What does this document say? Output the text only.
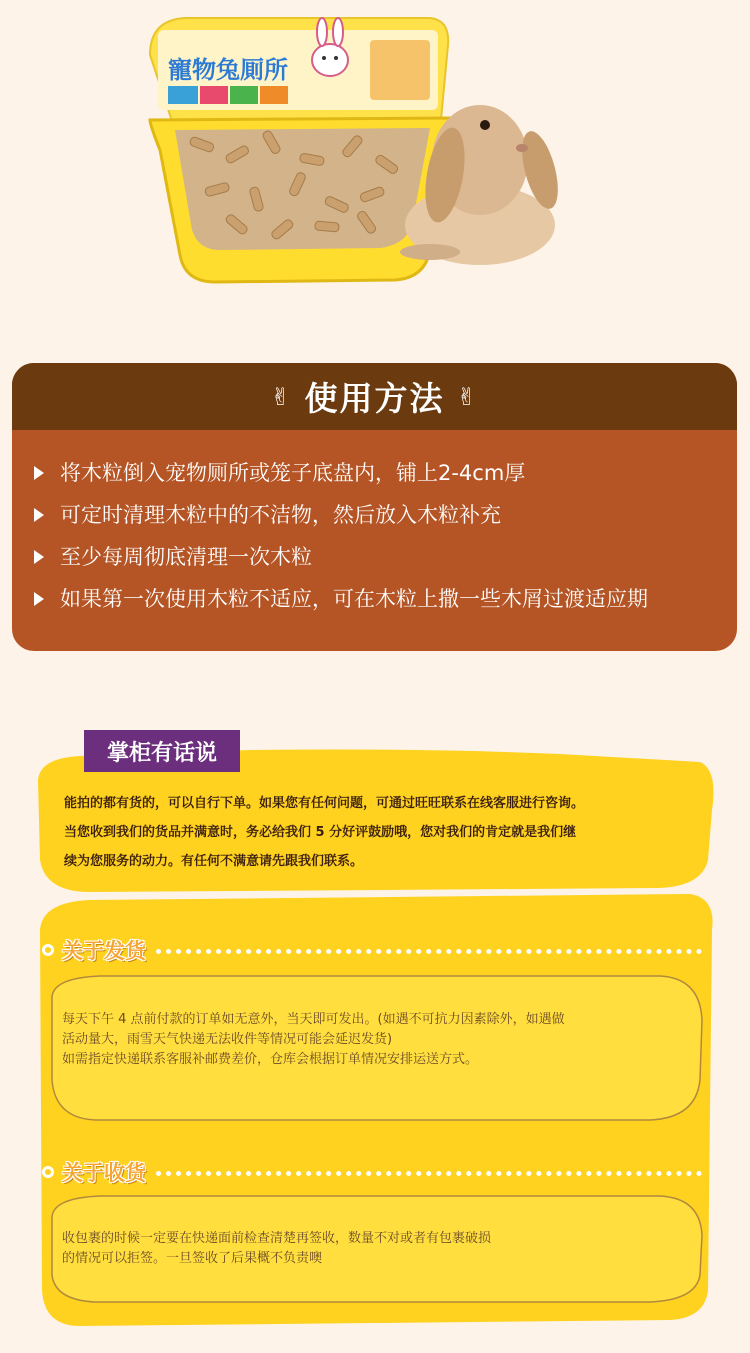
寵物兔厠所
✌ 使用方法 ✌
将木粒倒入宠物厕所或笼子底盘内，铺上2-4cm厚
可定时清理木粒中的不洁物，然后放入木粒补充
至少每周彻底清理一次木粒
如果第一次使用木粒不适应，可在木粒上撒一些木屑过渡适应期
掌柜有话说
能拍的都有货的，可以自行下单。如果您有任何问题，可通过旺旺联系在线客服进行咨询。
当您收到我们的货品并满意时，务必给我们 5 分好评鼓励哦，您对我们的肯定就是我们继
续为您服务的动力。有任何不满意请先跟我们联系。
关于发货
每天下午 4 点前付款的订单如无意外，当天即可发出。(如遇不可抗力因素除外，如遇做
活动量大，雨雪天气快递无法收件等情况可能会延迟发货)
如需指定快递联系客服补邮费差价，仓库会根据订单情况安排运送方式。
关于收货
收包裹的时候一定要在快递面前检查清楚再签收，数量不对或者有包裹破损
的情况可以拒签。一旦签收了后果概不负责噢
